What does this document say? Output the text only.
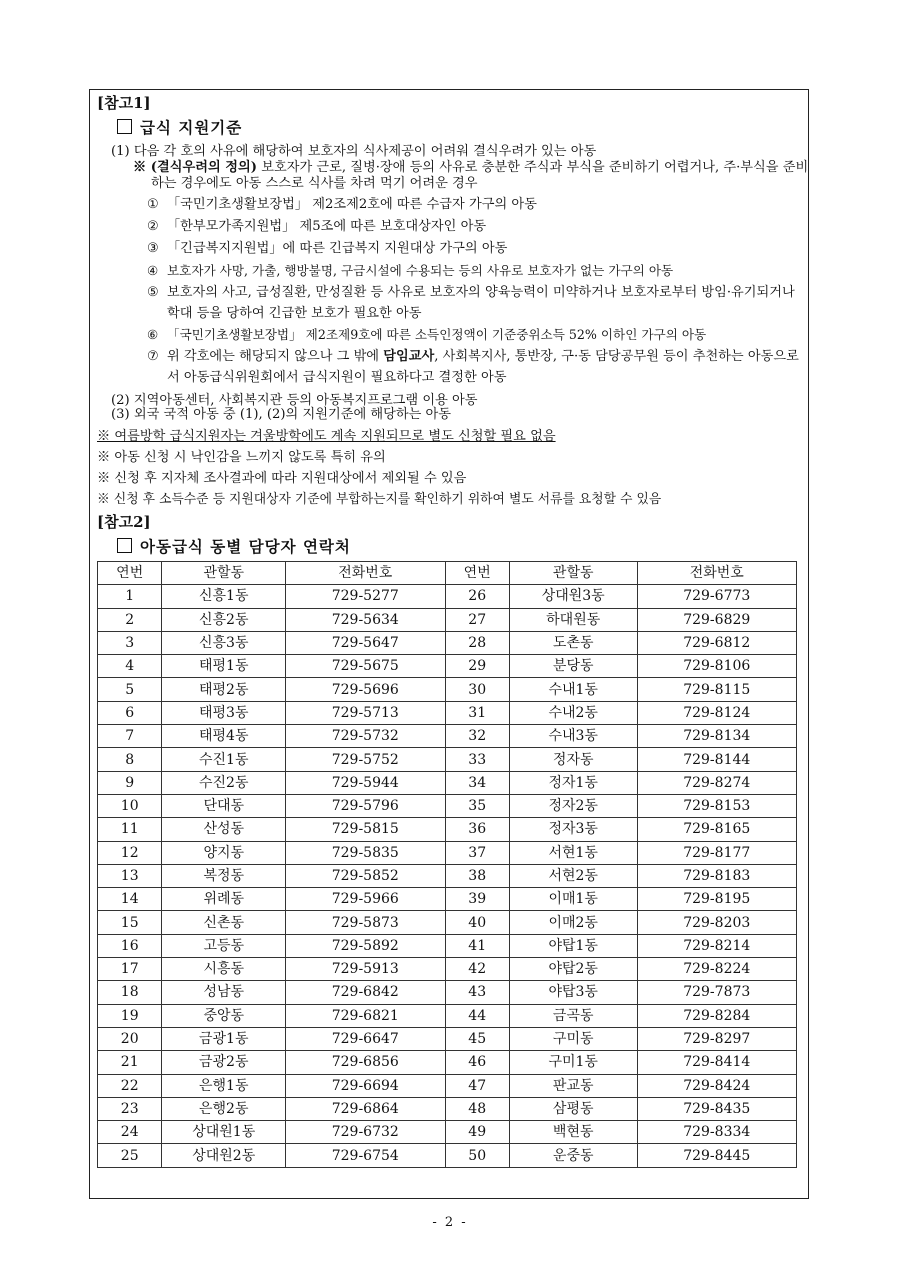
[참고1]

급식 지원기준

(1) 다음 각 호의 사유에 해당하여 보호자의 식사제공이 어려워 결식우려가 있는 아동

※ (결식우려의 정의) 보호자가 근로, 질병·장애 등의 사유로 충분한 주식과 부식을 준비하기 어렵거나, 주·부식을 준비하는 경우에도 아동 스스로 식사를 차려 먹기 어려운 경우

① 「국민기초생활보장법」 제2조제2호에 따른 수급자 가구의 아동
② 「한부모가족지원법」 제5조에 따른 보호대상자인 아동
③ 「긴급복지지원법」에 따른 긴급복지 지원대상 가구의 아동
④ 보호자가 사망, 가출, 행방불명, 구금시설에 수용되는 등의 사유로 보호자가 없는 가구의 아동
⑤ 보호자의 사고, 급성질환, 만성질환 등 사유로 보호자의 양육능력이 미약하거나 보호자로부터 방임·유기되거나 학대 등을 당하여 긴급한 보호가 필요한 아동
⑥ 「국민기초생활보장법」 제2조제9호에 따른 소득인정액이 기준중위소득 52% 이하인 가구의 아동
⑦ 위 각호에는 해당되지 않으나 그 밖에 담임교사, 사회복지사, 통반장, 구·동 담당공무원 등이 추천하는 아동으로서 아동급식위원회에서 급식지원이 필요하다고 결정한 아동

(2) 지역아동센터, 사회복지관 등의 아동복지프로그램 이용 아동

(3) 외국 국적 아동 중 (1), (2)의 지원기준에 해당하는 아동

※ 여름방학 급식지원자는 겨울방학에도 계속 지원되므로 별도 신청할 필요 없음

※ 아동 신청 시 낙인감을 느끼지 않도록 특히 유의

※ 신청 후 지자체 조사결과에 따라 지원대상에서 제외될 수 있음

※ 신청 후 소득수준 등 지원대상자 기준에 부합하는지를 확인하기 위하여 별도 서류를 요청할 수 있음

[참고2]

아동급식 동별 담당자 연락처

연번	관할동	전화번호	연번	관할동	전화번호
1	신흥1동	729-5277	26	상대원3동	729-6773
2	신흥2동	729-5634	27	하대원동	729-6829
3	신흥3동	729-5647	28	도촌동	729-6812
4	태평1동	729-5675	29	분당동	729-8106
5	태평2동	729-5696	30	수내1동	729-8115
6	태평3동	729-5713	31	수내2동	729-8124
7	태평4동	729-5732	32	수내3동	729-8134
8	수진1동	729-5752	33	정자동	729-8144
9	수진2동	729-5944	34	정자1동	729-8274
10	단대동	729-5796	35	정자2동	729-8153
11	산성동	729-5815	36	정자3동	729-8165
12	양지동	729-5835	37	서현1동	729-8177
13	복정동	729-5852	38	서현2동	729-8183
14	위례동	729-5966	39	이매1동	729-8195
15	신촌동	729-5873	40	이매2동	729-8203
16	고등동	729-5892	41	야탑1동	729-8214
17	시흥동	729-5913	42	야탑2동	729-8224
18	성남동	729-6842	43	야탑3동	729-7873
19	중앙동	729-6821	44	금곡동	729-8284
20	금광1동	729-6647	45	구미동	729-8297
21	금광2동	729-6856	46	구미1동	729-8414
22	은행1동	729-6694	47	판교동	729-8424
23	은행2동	729-6864	48	삼평동	729-8435
24	상대원1동	729-6732	49	백현동	729-8334
25	상대원2동	729-6754	50	운중동	729-8445
- 2 -
